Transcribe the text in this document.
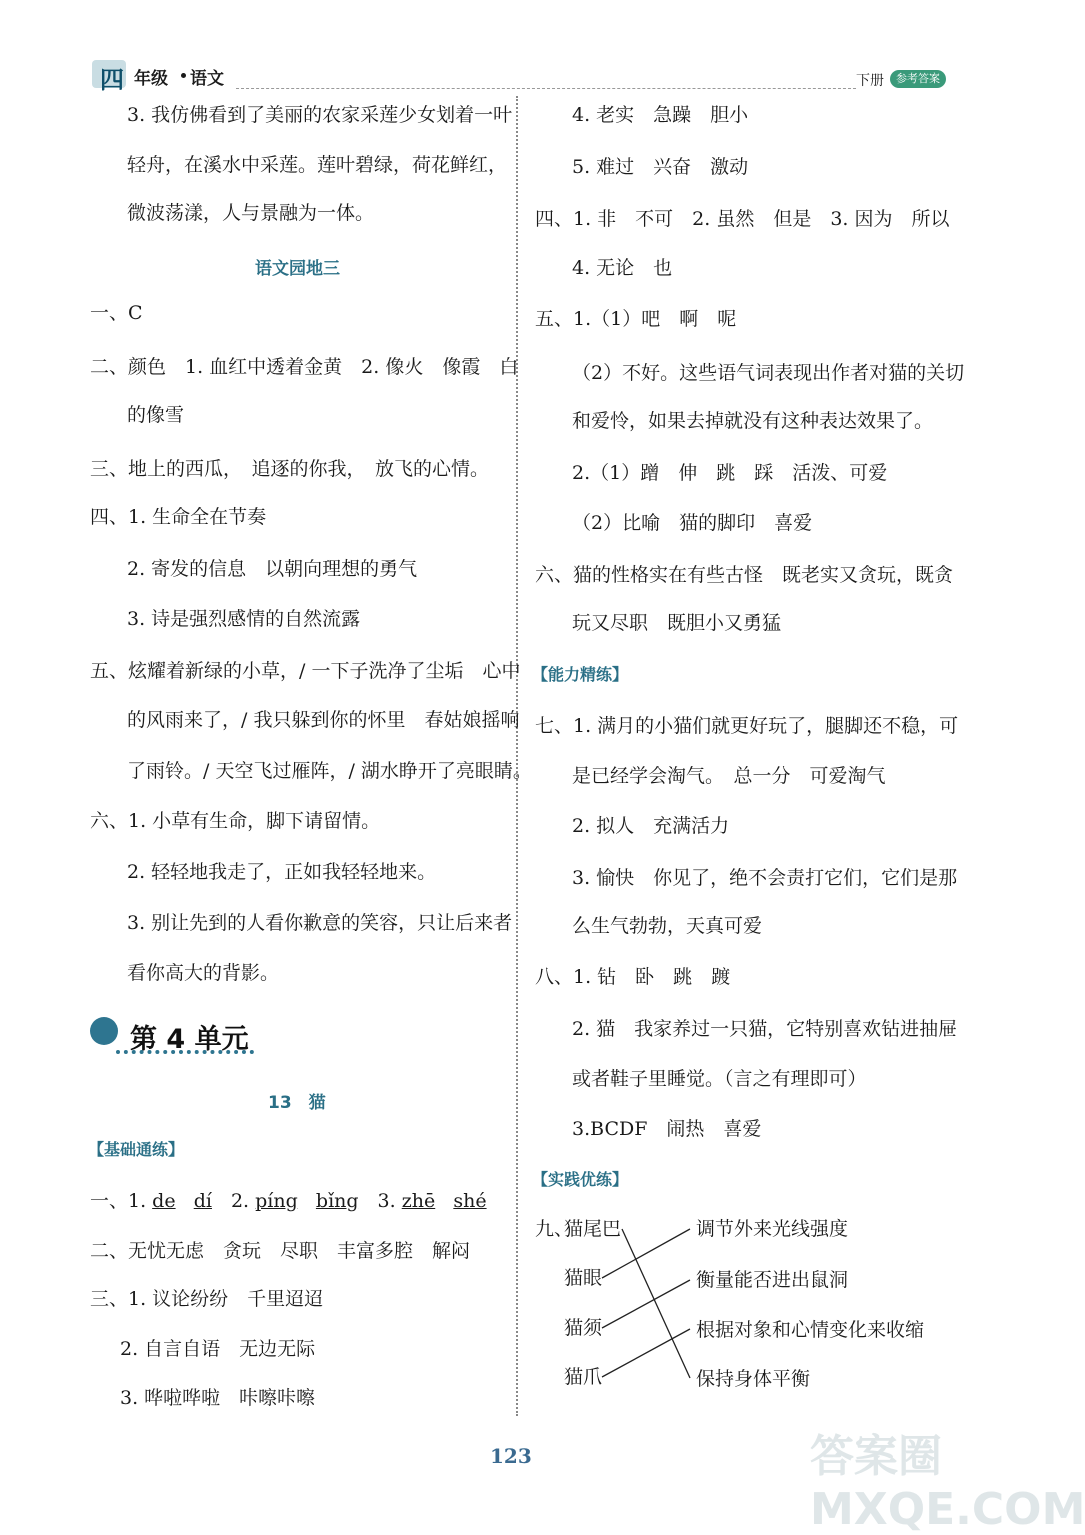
四 年级 语文	下册	参考答案
答案圈 MXQE.COM
3. 我仿佛看到了美丽的农家采莲少女划着一叶
轻舟，在溪水中采莲。莲叶碧绿，荷花鲜红，
微波荡漾，人与景融为一体。
语文园地三
一、C
二、颜色　1. 血红中透着金黄　2. 像火　像霞　白
的像雪
三、地上的西瓜，　追逐的你我，　放飞的心情。
四、1. 生命全在节奏
2. 寄发的信息　以朝向理想的勇气
3. 诗是强烈感情的自然流露
五、炫耀着新绿的小草，/ 一下子洗净了尘垢　心中
的风雨来了，/ 我只躲到你的怀里　春姑娘摇响
了雨铃。/ 天空飞过雁阵，/ 湖水睁开了亮眼睛。
六、1. 小草有生命，脚下请留情。
2. 轻轻地我走了，正如我轻轻地来。
3. 别让先到的人看你歉意的笑容，只让后来者
看你高大的背影。
第 4 单元
13　猫
【基础通练】
一、1. de dí　2. píng bǐng　3. zhē shé
二、无忧无虑　贪玩　尽职　丰富多腔　解闷
三、1. 议论纷纷　千里迢迢
2. 自言自语　无边无际
3. 哗啦哗啦　咔嚓咔嚓
4. 老实　急躁　胆小
5. 难过　兴奋　激动
四、1. 非　不可　2. 虽然　但是　3. 因为　所以
4. 无论　也
五、1.（1）吧　啊　呢
（2）不好。这些语气词表现出作者对猫的关切
和爱怜，如果去掉就没有这种表达效果了。
2.（1）蹭　伸　跳　踩　活泼、可爱
（2）比喻　猫的脚印　喜爱
六、猫的性格实在有些古怪　既老实又贪玩，既贪
玩又尽职　既胆小又勇猛
【能力精练】
七、1. 满月的小猫们就更好玩了，腿脚还不稳，可
是已经学会淘气。　总一分　可爱淘气
2. 拟人　充满活力
3. 愉快　你见了，绝不会责打它们，它们是那
么生气勃勃，天真可爱
八、1. 钻　卧　跳　踱
2. 猫　我家养过一只猫，它特别喜欢钻进抽屉
或者鞋子里睡觉。（言之有理即可）
3.BCDF　闹热　喜爱
【实践优练】
九、
猫尾巴
猫眼
猫须
猫爪
调节外来光线强度
衡量能否进出鼠洞
根据对象和心情变化来收缩
保持身体平衡
123
